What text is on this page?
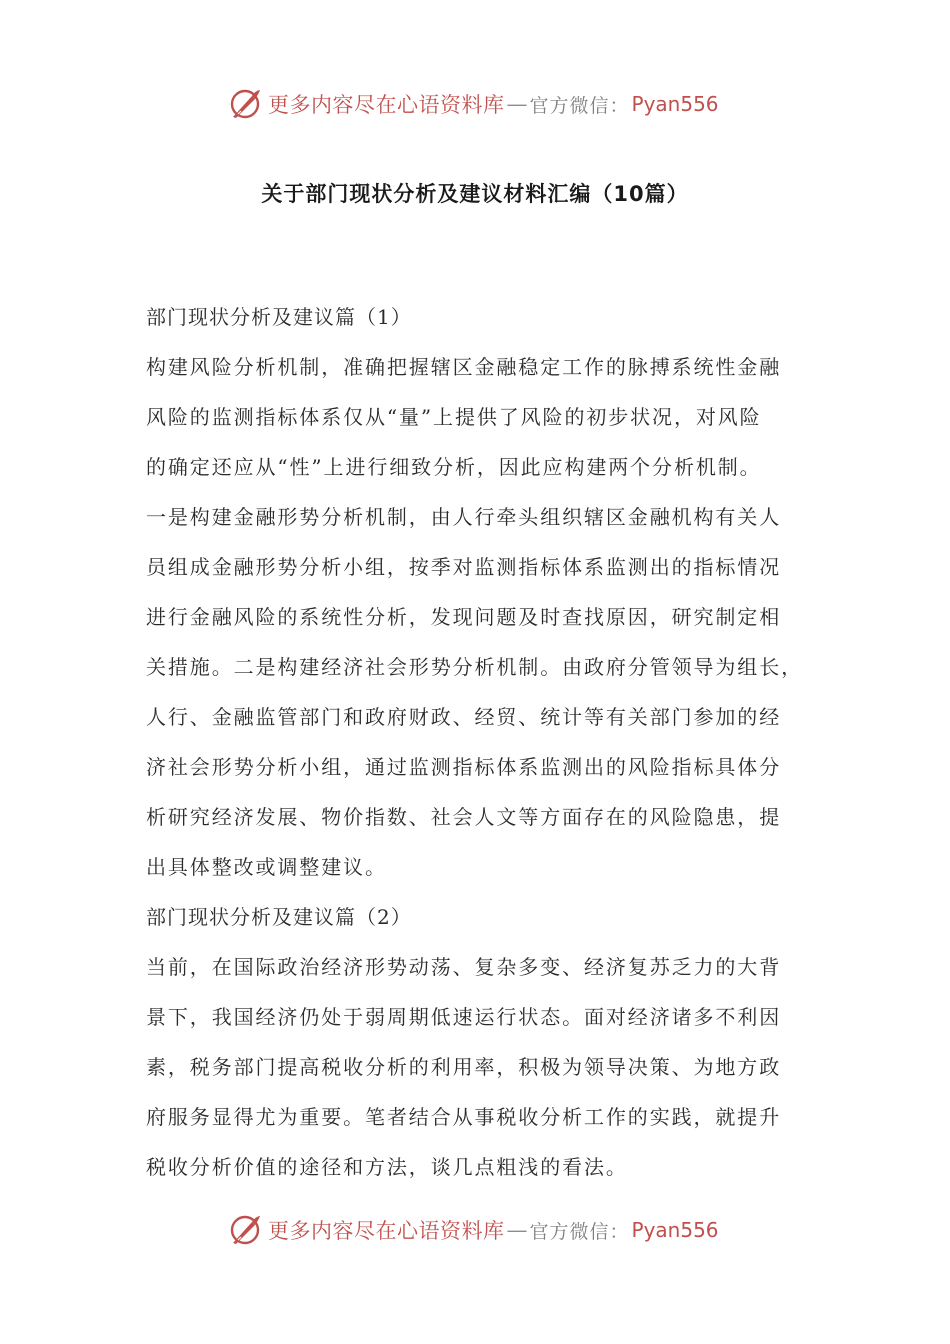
更多内容尽在心语资料库 — 官方微信： Pyan556
关于部门现状分析及建议材料汇编（10篇）
部门现状分析及建议篇（1）
构建风险分析机制，准确把握辖区金融稳定工作的脉搏系统性金融
风险的监测指标体系仅从“量”上提供了风险的初步状况，对风险
的确定还应从“性”上进行细致分析，因此应构建两个分析机制。
一是构建金融形势分析机制，由人行牵头组织辖区金融机构有关人
员组成金融形势分析小组，按季对监测指标体系监测出的指标情况
进行金融风险的系统性分析，发现问题及时查找原因，研究制定相
关措施。二是构建经济社会形势分析机制。由政府分管领导为组长，
人行、金融监管部门和政府财政、经贸、统计等有关部门参加的经
济社会形势分析小组，通过监测指标体系监测出的风险指标具体分
析研究经济发展、物价指数、社会人文等方面存在的风险隐患，提
出具体整改或调整建议。
部门现状分析及建议篇（2）
当前，在国际政治经济形势动荡、复杂多变、经济复苏乏力的大背
景下，我国经济仍处于弱周期低速运行状态。面对经济诸多不利因
素，税务部门提高税收分析的利用率，积极为领导决策、为地方政
府服务显得尤为重要。笔者结合从事税收分析工作的实践，就提升
税收分析价值的途径和方法，谈几点粗浅的看法。
更多内容尽在心语资料库 — 官方微信： Pyan556
